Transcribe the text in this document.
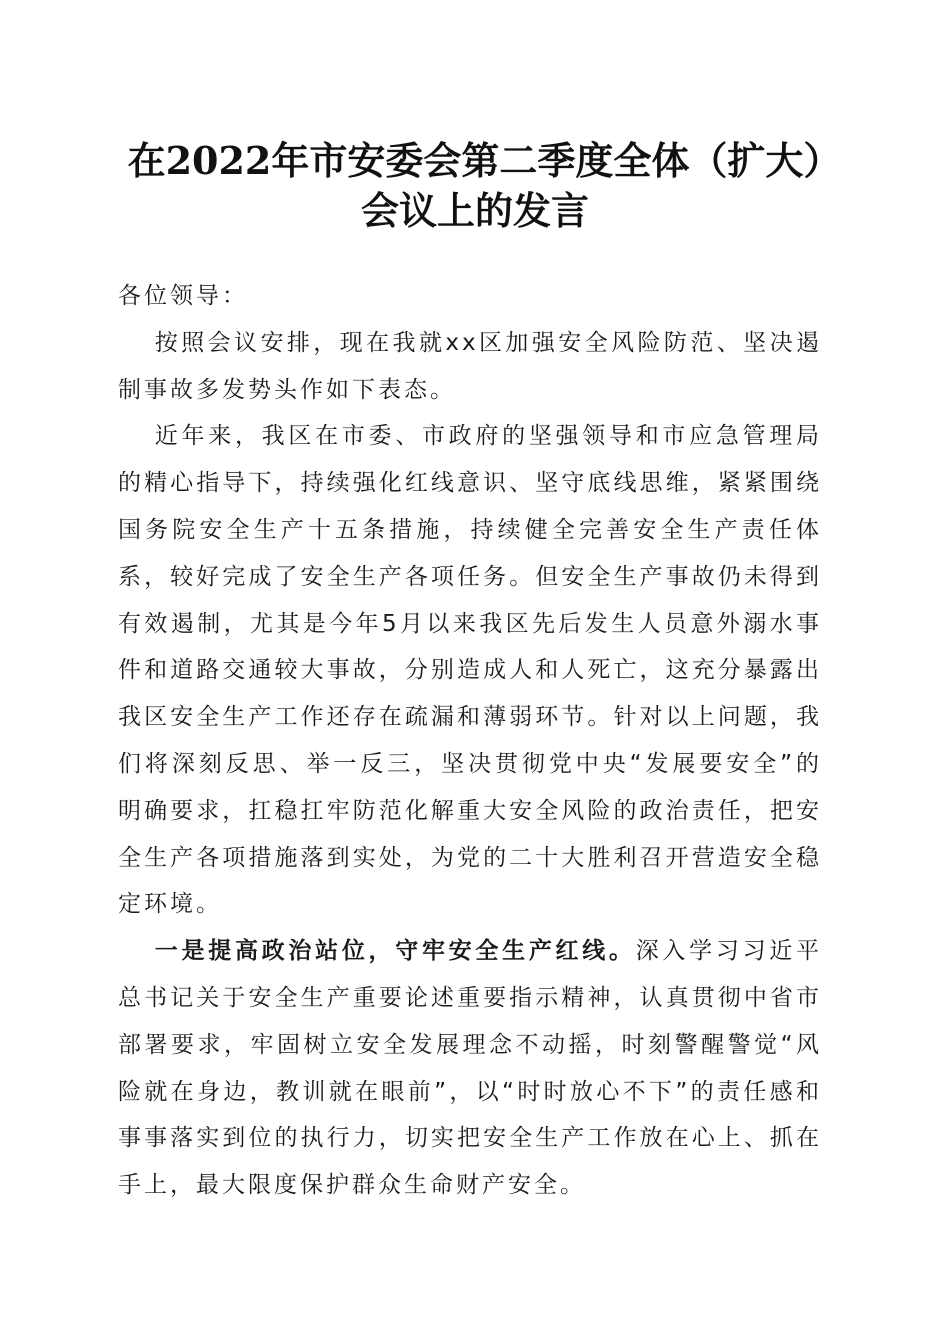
在2022年市安委会第二季度全体（扩大）会议上的发言

各位领导：

按照会议安排，现在我就xx区加强安全风险防范、坚决遏制事故多发势头作如下表态。

近年来，我区在市委、市政府的坚强领导和市应急管理局的精心指导下，持续强化红线意识、坚守底线思维，紧紧围绕国务院安全生产十五条措施，持续健全完善安全生产责任体系，较好完成了安全生产各项任务。但安全生产事故仍未得到有效遏制，尤其是今年5月以来我区先后发生人员意外溺水事件和道路交通较大事故，分别造成人和人死亡，这充分暴露出我区安全生产工作还存在疏漏和薄弱环节。针对以上问题，我们将深刻反思、举一反三，坚决贯彻党中央“发展要安全”的明确要求，扛稳扛牢防范化解重大安全风险的政治责任，把安全生产各项措施落到实处，为党的二十大胜利召开营造安全稳定环境。

一是提高政治站位，守牢安全生产红线。深入学习习近平总书记关于安全生产重要论述重要指示精神，认真贯彻中省市部署要求，牢固树立安全发展理念不动摇，时刻警醒警觉“风险就在身边，教训就在眼前”，以“时时放心不下”的责任感和事事落实到位的执行力，切实把安全生产工作放在心上、抓在手上，最大限度保护群众生命财产安全。
